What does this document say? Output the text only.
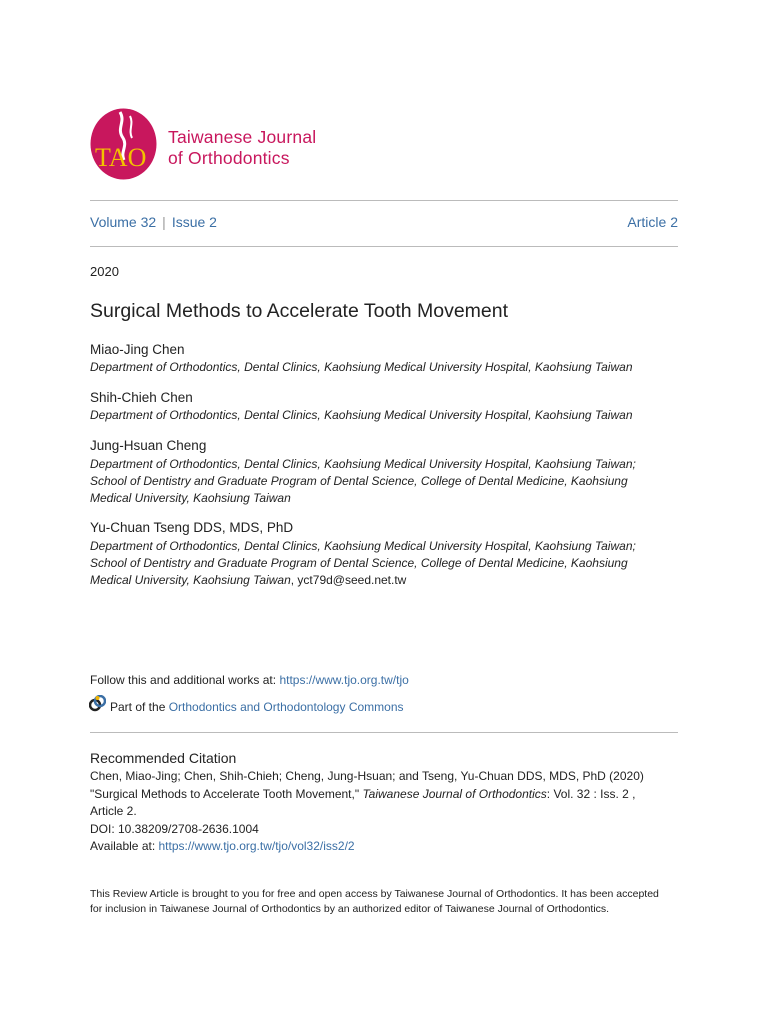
TAO
Taiwanese Journal
of Orthodontics
Volume 32 | Issue 2	Article 2
2020
Surgical Methods to Accelerate Tooth Movement
Miao-Jing Chen
Department of Orthodontics, Dental Clinics, Kaohsiung Medical University Hospital, Kaohsiung Taiwan
Shih-Chieh Chen
Department of Orthodontics, Dental Clinics, Kaohsiung Medical University Hospital, Kaohsiung Taiwan
Jung-Hsuan Cheng
Department of Orthodontics, Dental Clinics, Kaohsiung Medical University Hospital, Kaohsiung Taiwan;
School of Dentistry and Graduate Program of Dental Science, College of Dental Medicine, Kaohsiung
Medical University, Kaohsiung Taiwan
Yu-Chuan Tseng DDS, MDS, PhD
Department of Orthodontics, Dental Clinics, Kaohsiung Medical University Hospital, Kaohsiung Taiwan;
School of Dentistry and Graduate Program of Dental Science, College of Dental Medicine, Kaohsiung
Medical University, Kaohsiung Taiwan, yct79d@seed.net.tw
Follow this and additional works at: https://www.tjo.org.tw/tjo
Part of the Orthodontics and Orthodontology Commons
Recommended Citation
Chen, Miao-Jing; Chen, Shih-Chieh; Cheng, Jung-Hsuan; and Tseng, Yu-Chuan DDS, MDS, PhD (2020)
"Surgical Methods to Accelerate Tooth Movement," Taiwanese Journal of Orthodontics: Vol. 32 : Iss. 2 ,
Article 2.
DOI: 10.38209/2708-2636.1004
Available at: https://www.tjo.org.tw/tjo/vol32/iss2/2
This Review Article is brought to you for free and open access by Taiwanese Journal of Orthodontics. It has been accepted for inclusion in Taiwanese Journal of Orthodontics by an authorized editor of Taiwanese Journal of Orthodontics.
